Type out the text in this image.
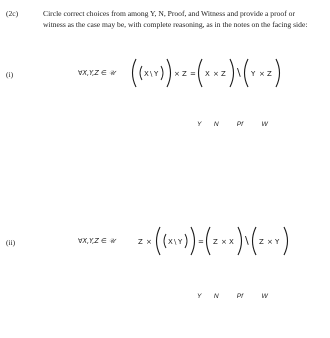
(2c)	Circle correct choices from among Y, N, Proof, and Witness and provide a proof or witness as the case may be, with complete reasoning, as in the notes on the facing side:
(i)	∀X,Y,Z ∈ 𝒰	X \ Y × Z = X × Z \ Y × Z
Y N	Pf	W
(ii)	∀X,Y,Z ∈ 𝒰	Z × X \ Y = Z × X \ Z × Y
Y N	Pf	W
